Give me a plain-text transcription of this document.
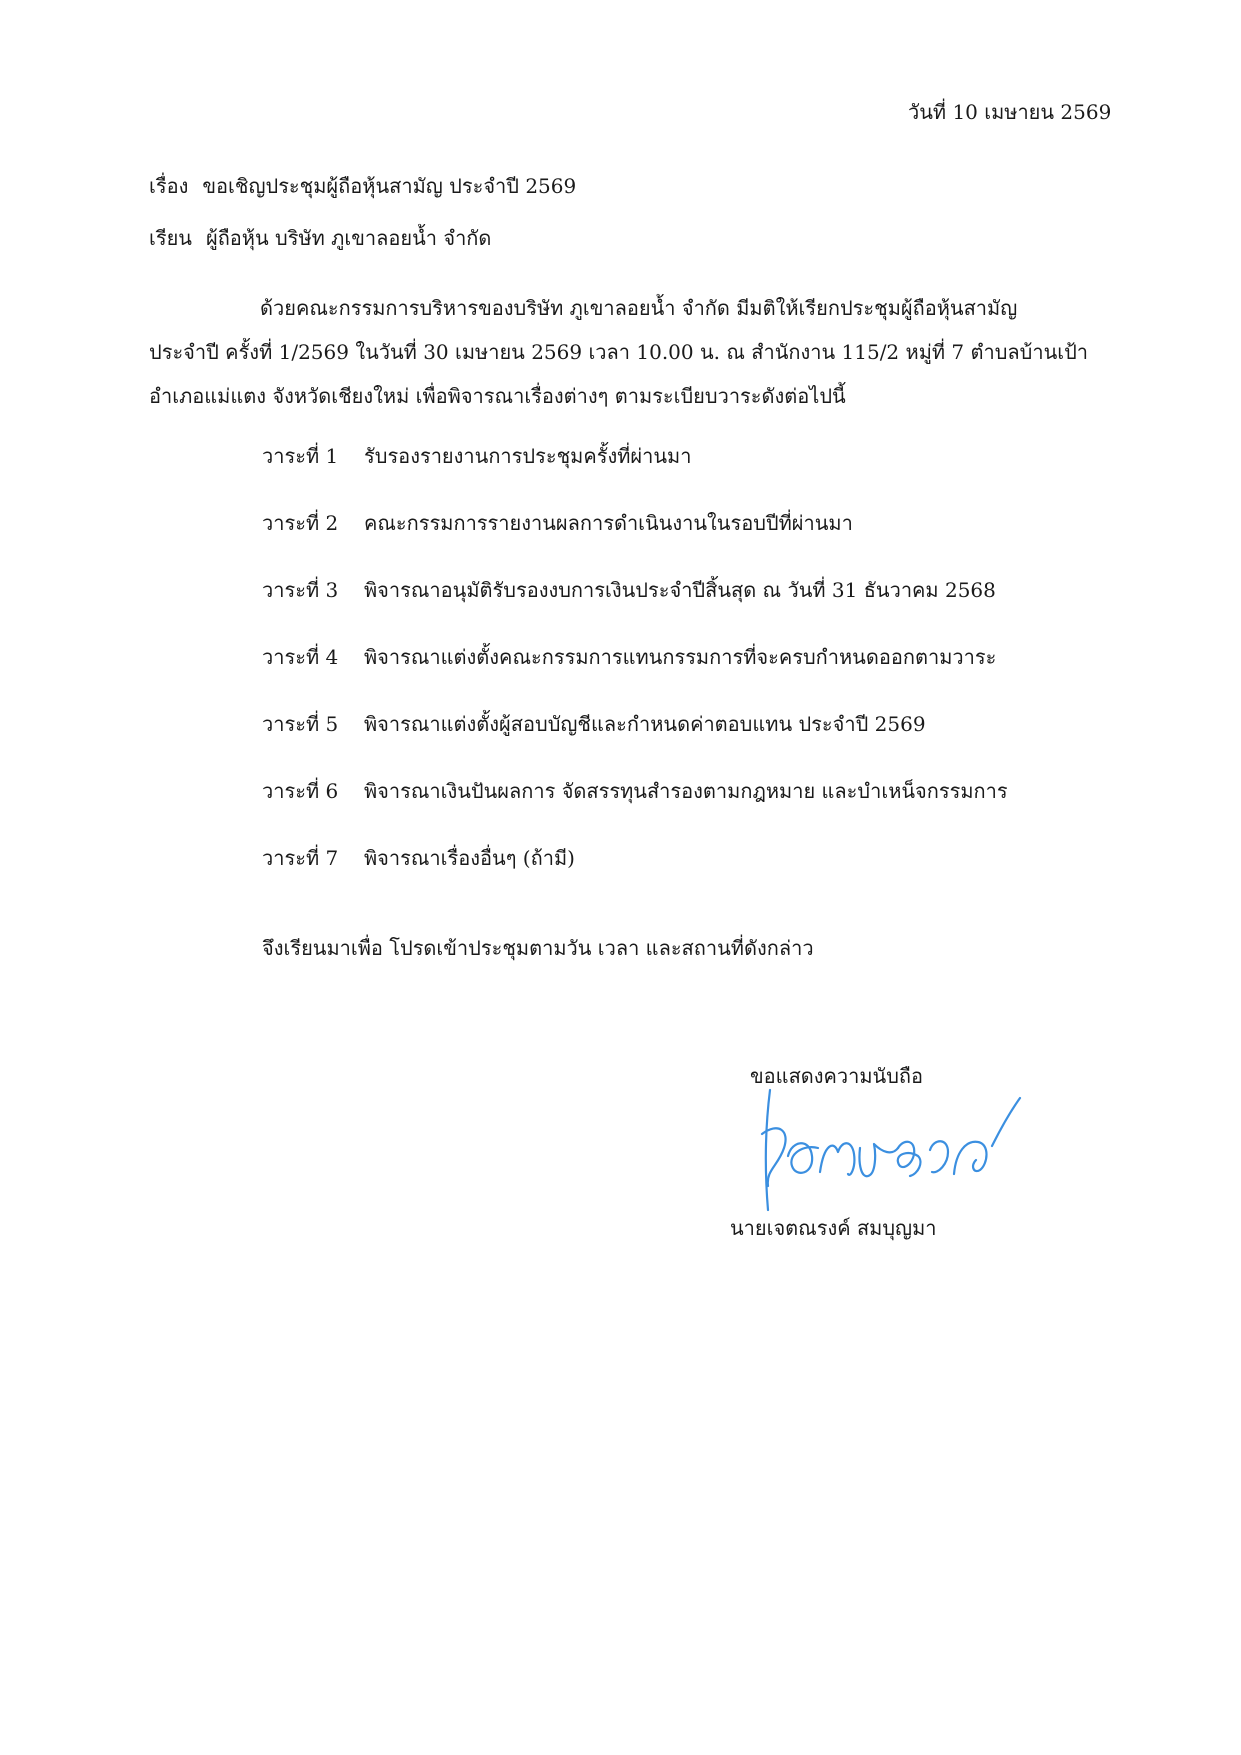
วันที่ 10 เมษายน 2569
เรื่อง ขอเชิญประชุมผู้ถือหุ้นสามัญ ประจำปี 2569
เรียน ผู้ถือหุ้น บริษัท ภูเขาลอยน้ำ จำกัด
ด้วยคณะกรรมการบริหารของบริษัท ภูเขาลอยน้ำ จำกัด มีมติให้เรียกประชุมผู้ถือหุ้นสามัญ
ประจำปี ครั้งที่ 1/2569 ในวันที่ 30 เมษายน 2569 เวลา 10.00 น. ณ สำนักงาน 115/2 หมู่ที่ 7 ตำบลบ้านเป้า
อำเภอแม่แตง จังหวัดเชียงใหม่ เพื่อพิจารณาเรื่องต่างๆ ตามระเบียบวาระดังต่อไปนี้
วาระที่ 1 รับรองรายงานการประชุมครั้งที่ผ่านมา
วาระที่ 2 คณะกรรมการรายงานผลการดำเนินงานในรอบปีที่ผ่านมา
วาระที่ 3 พิจารณาอนุมัติรับรองงบการเงินประจำปีสิ้นสุด ณ วันที่ 31 ธันวาคม 2568
วาระที่ 4 พิจารณาแต่งตั้งคณะกรรมการแทนกรรมการที่จะครบกำหนดออกตามวาระ
วาระที่ 5 พิจารณาแต่งตั้งผู้สอบบัญชีและกำหนดค่าตอบแทน ประจำปี 2569
วาระที่ 6 พิจารณาเงินปันผลการ จัดสรรทุนสำรองตามกฎหมาย และบำเหน็จกรรมการ
วาระที่ 7 พิจารณาเรื่องอื่นๆ (ถ้ามี)
จึงเรียนมาเพื่อ โปรดเข้าประชุมตามวัน เวลา และสถานที่ดังกล่าว
ขอแสดงความนับถือ
นายเจตณรงค์ สมบุญมา
